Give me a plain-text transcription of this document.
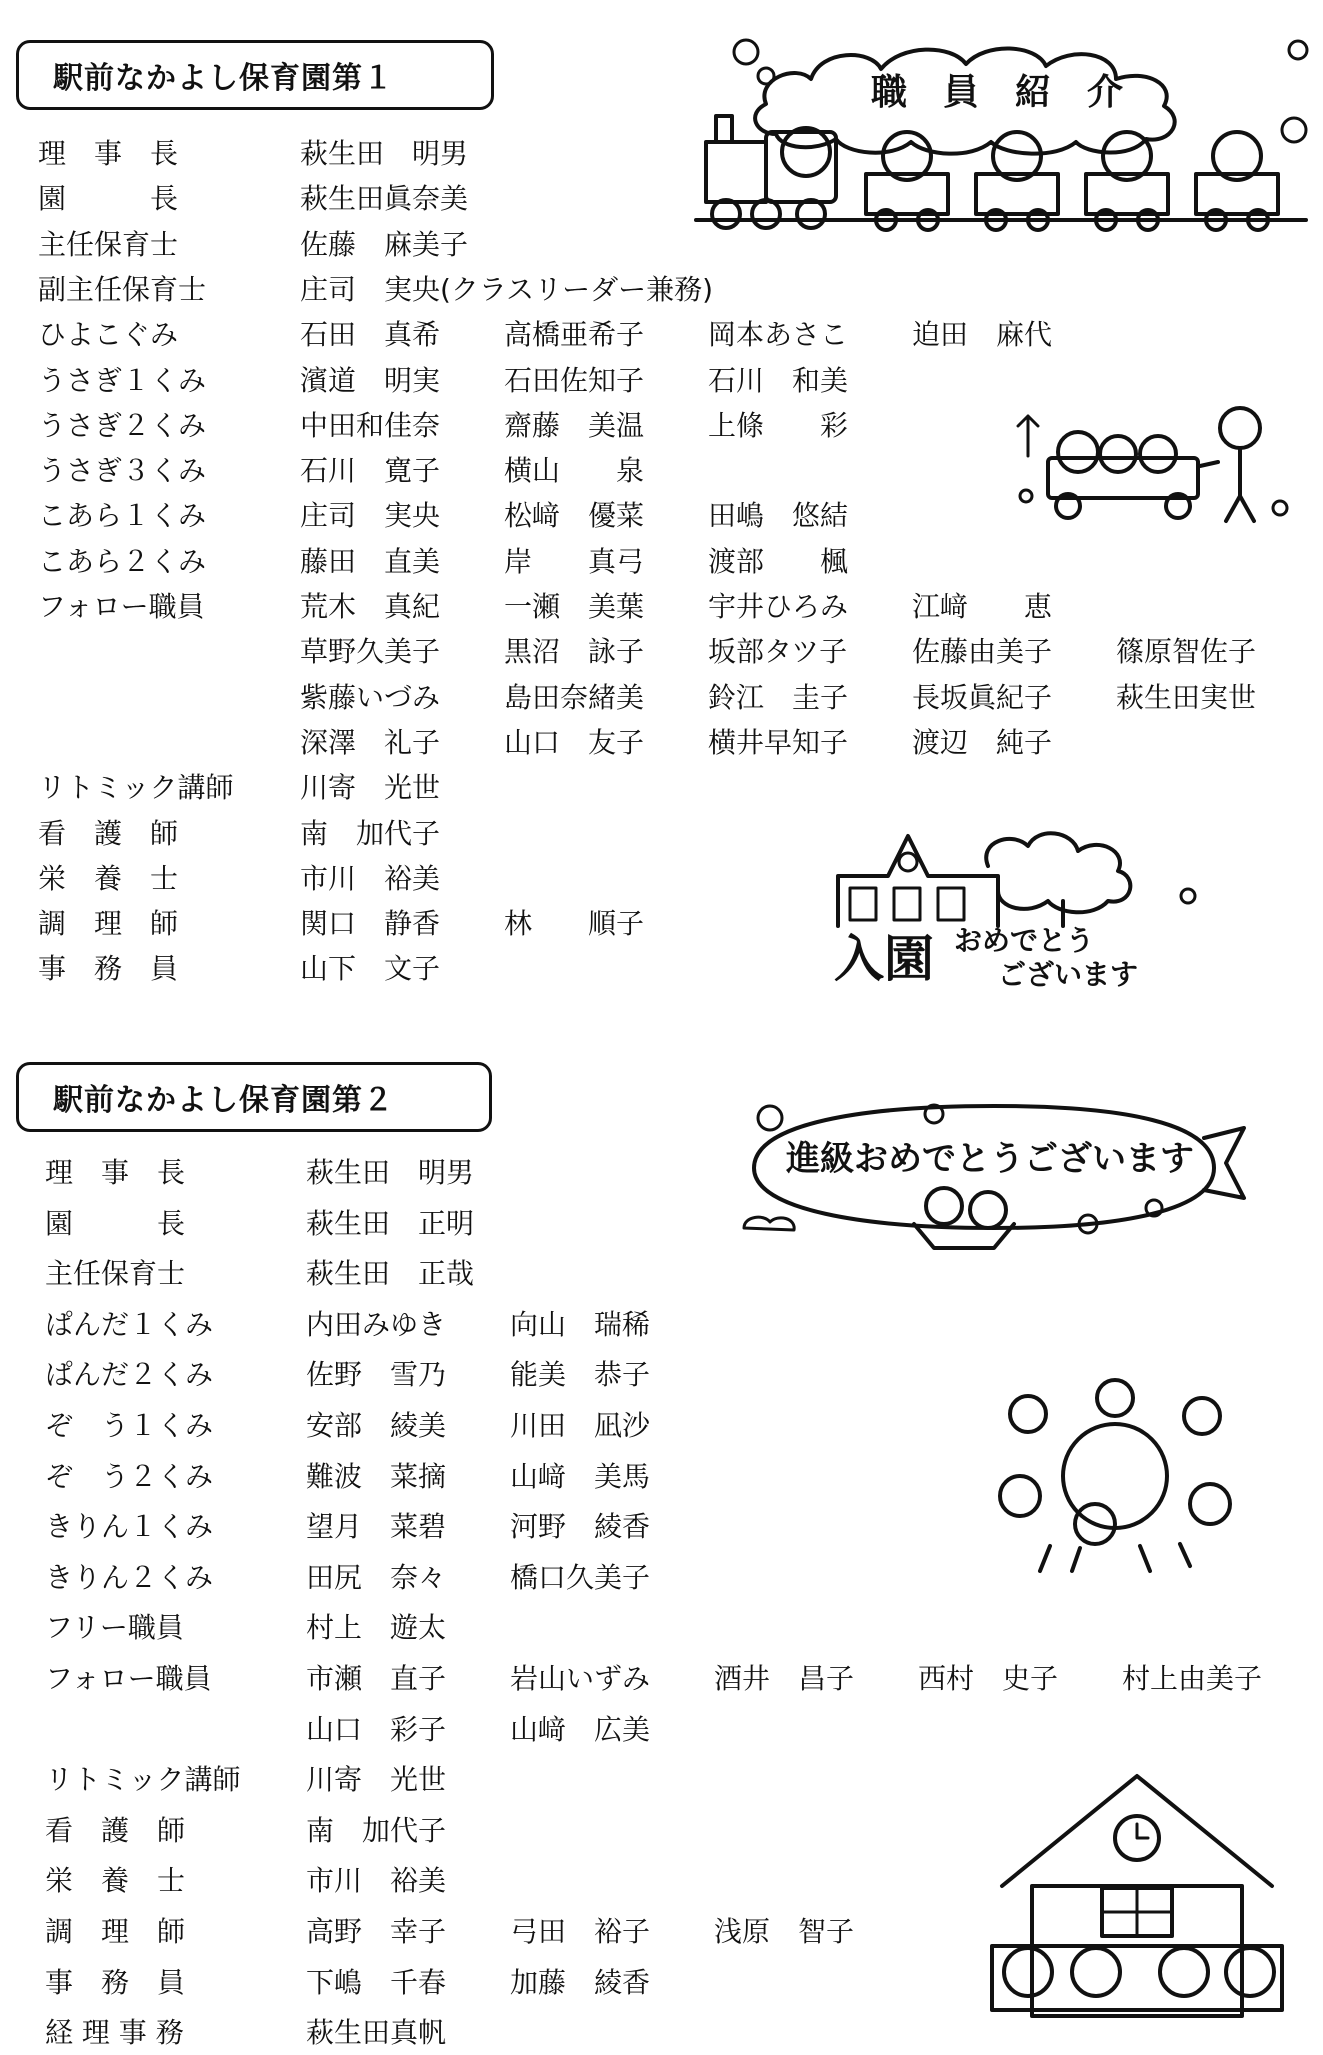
駅前なかよし保育園第１
駅前なかよし保育園第２
理　事　長	萩生田　明男
園　　　長	萩生田眞奈美
主任保育士	佐藤　麻美子
副主任保育士	庄司　実央(クラスリーダー兼務)
ひよこぐみ	石田　真希 高橋亜希子 岡本あさこ 迫田　麻代
うさぎ１くみ	濱道　明実 石田佐知子 石川　和美
うさぎ２くみ	中田和佳奈 齋藤　美温 上條　　彩
うさぎ３くみ	石川　寛子 横山　　泉
こあら１くみ	庄司　実央 松﨑　優菜 田嶋　悠結
こあら２くみ	藤田　直美 岸　　真弓 渡部　　楓
フォロー職員	荒木　真紀 一瀬　美葉 宇井ひろみ 江﨑　　恵
草野久美子 黒沼　詠子 坂部タツ子 佐藤由美子 篠原智佐子
紫藤いづみ 島田奈緒美 鈴江　圭子 長坂眞紀子 萩生田実世
深澤　礼子 山口　友子 横井早知子 渡辺　純子
リトミック講師 川寄　光世
看　護　師	南　加代子
栄　養　士	市川　裕美
調　理　師	関口　静香 林　　順子
事　務　員	山下　文子
理　事　長	萩生田　明男
園　　　長	萩生田　正明
主任保育士	萩生田　正哉
ぱんだ１くみ	内田みゆき 向山　瑞稀
ぱんだ２くみ	佐野　雪乃 能美　恭子
ぞ　う１くみ	安部　綾美 川田　凪沙
ぞ　う２くみ	難波　菜摘 山﨑　美馬
きりん１くみ	望月　菜碧 河野　綾香
きりん２くみ	田尻　奈々 橋口久美子
フリー職員	村上　遊太
フォロー職員	市瀬　直子 岩山いずみ 酒井　昌子 西村　史子 村上由美子
山口　彩子 山﨑　広美
リトミック講師 川寄　光世
看　護　師	南　加代子
栄　養　士	市川　裕美
調　理　師	高野　幸子 弓田　裕子 浅原　智子
事　務　員	下嶋　千春 加藤　綾香
経 理 事 務	萩生田真帆
職　員　紹　介
入園 おめでとう
ございます
進級おめでとうございます
